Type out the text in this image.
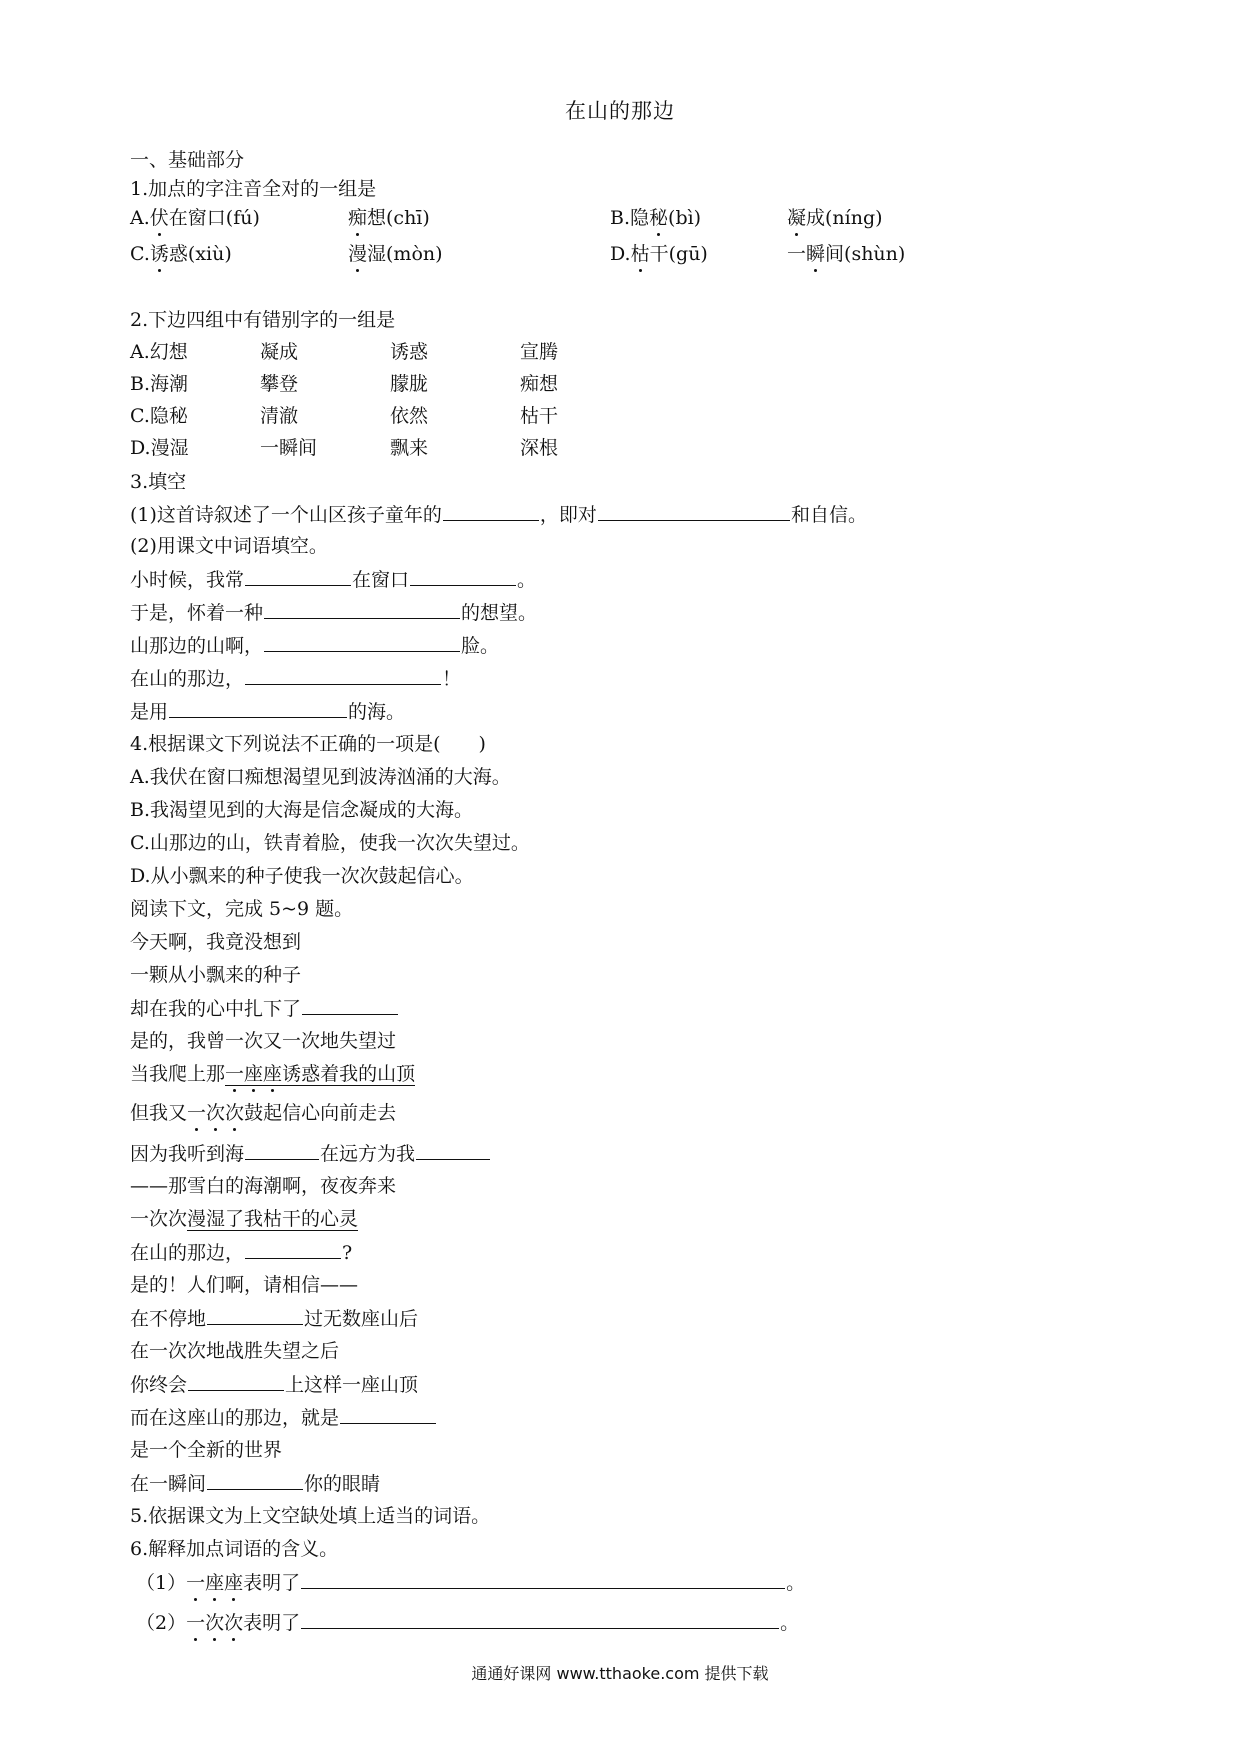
在山的那边
一、基础部分
1.加点的字注音全对的一组是
A.伏在窗口(fú)	痴想(chī)	B.隐秘(bì)	凝成(níng)
C.诱惑(xiù)	漫湿(mòn)	D.枯干(gū)	一瞬间(shùn)
2.下边四组中有错别字的一组是
A.幻想	凝成	诱惑	宣腾
B.海潮	攀登	朦胧	痴想
C.隐秘	清澈	依然	枯干
D.漫湿	一瞬间	飘来	深根
3.填空
(1)这首诗叙述了一个山区孩子童年的	，即对	和自信。
(2)用课文中词语填空。
小时候，我常	在窗口	。
于是，怀着一种	的想望。
山那边的山啊，	脸。
在山的那边，	！
是用	的海。
4.根据课文下列说法不正确的一项是(　　)
A.我伏在窗口痴想渴望见到波涛汹涌的大海。
B.我渴望见到的大海是信念凝成的大海。
C.山那边的山，铁青着脸，使我一次次失望过。
D.从小飘来的种子使我一次次鼓起信心。
阅读下文，完成 5~9 题。
今天啊，我竟没想到
一颗从小飘来的种子
却在我的心中扎下了
是的，我曾一次又一次地失望过
当我爬上那一座座诱惑着我的山顶
但我又一次次鼓起信心向前走去
因为我听到海	在远方为我
——那雪白的海潮啊，夜夜奔来
一次次漫湿了我枯干的心灵
在山的那边，	?
是的！人们啊，请相信——
在不停地	过无数座山后
在一次次地战胜失望之后
你终会	上这样一座山顶
而在这座山的那边，就是
是一个全新的世界
在一瞬间	你的眼睛
5.依据课文为上文空缺处填上适当的词语。
6.解释加点词语的含义。
（1）一座座表明了	。
（2）一次次表明了	。
通通好课网 www.tthaoke.com 提供下载
